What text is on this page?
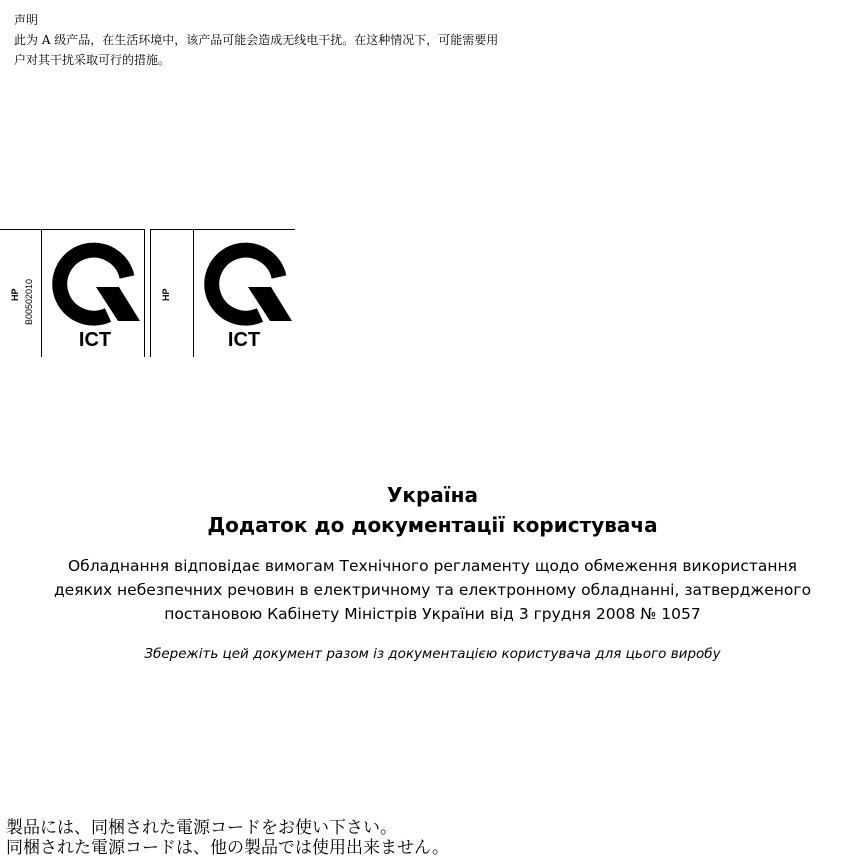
声明

此为 A 级产品，在生活环境中，该产品可能会造成无线电干扰。在这种情况下，可能需要用

户对其干扰采取可行的措施。

HP B00502010
ICT
HP
ICT

Україна

Додаток до документації користувача

Обладнання відповідає вимогам Технічного регламенту щодо обмеження використання
деяких небезпечних речовин в електричному та електронному обладнанні, затвердженого
постановою Кабінету Міністрів України від 3 грудня 2008 № 1057

Збережіть цей документ разом із документацією користувача для цього виробу

製品には、同梱された電源コードをお使い下さい。

同梱された電源コードは、他の製品では使用出来ません。
